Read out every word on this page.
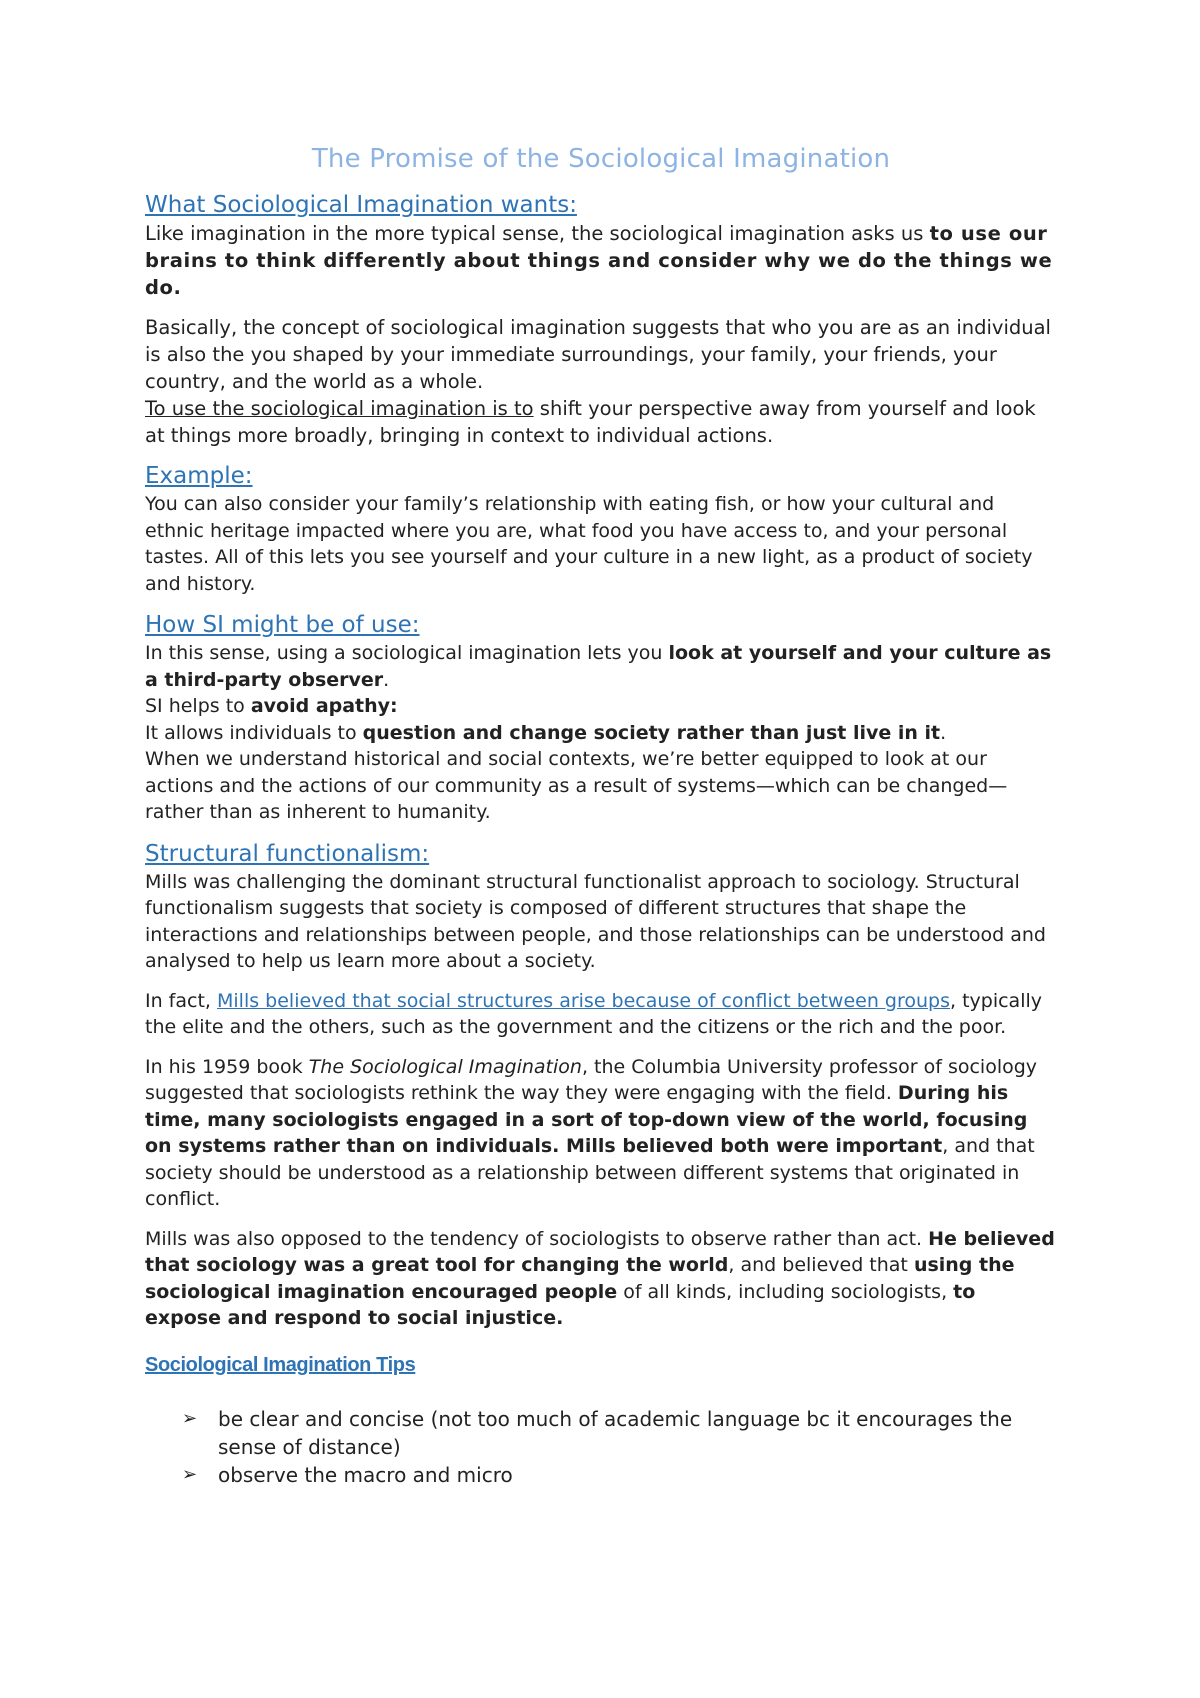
The Promise of the Sociological Imagination
What Sociological Imagination wants:

Like imagination in the more typical sense, the sociological imagination asks us to use our brains to think differently about things and consider why we do the things we do.

Basically, the concept of sociological imagination suggests that who you are as an individual is also the you shaped by your immediate surroundings, your family, your friends, your country, and the world as a whole.
To use the sociological imagination is to shift your perspective away from yourself and look at things more broadly, bringing in context to individual actions.

Example:

You can also consider your family’s relationship with eating fish, or how your cultural and ethnic heritage impacted where you are, what food you have access to, and your personal tastes. All of this lets you see yourself and your culture in a new light, as a product of society and history.

How SI might be of use:

In this sense, using a sociological imagination lets you look at yourself and your culture as a third-party observer.
SI helps to avoid apathy:
It allows individuals to question and change society rather than just live in it.
When we understand historical and social contexts, we’re better equipped to look at our actions and the actions of our community as a result of systems—which can be changed—rather than as inherent to humanity.

Structural functionalism:

Mills was challenging the dominant structural functionalist approach to sociology. Structural functionalism suggests that society is composed of different structures that shape the interactions and relationships between people, and those relationships can be understood and analysed to help us learn more about a society.

In fact, Mills believed that social structures arise because of conflict between groups, typically the elite and the others, such as the government and the citizens or the rich and the poor.

In his 1959 book The Sociological Imagination, the Columbia University professor of sociology suggested that sociologists rethink the way they were engaging with the field. During his time, many sociologists engaged in a sort of top-down view of the world, focusing on systems rather than on individuals. Mills believed both were important, and that society should be understood as a relationship between different systems that originated in conflict.

Mills was also opposed to the tendency of sociologists to observe rather than act. He believed that sociology was a great tool for changing the world, and believed that using the sociological imagination encouraged people of all kinds, including sociologists, to expose and respond to social injustice.

Sociological Imagination Tips
➢ be clear and concise (not too much of academic language bc it encourages the sense of distance)
➢ observe the macro and micro
